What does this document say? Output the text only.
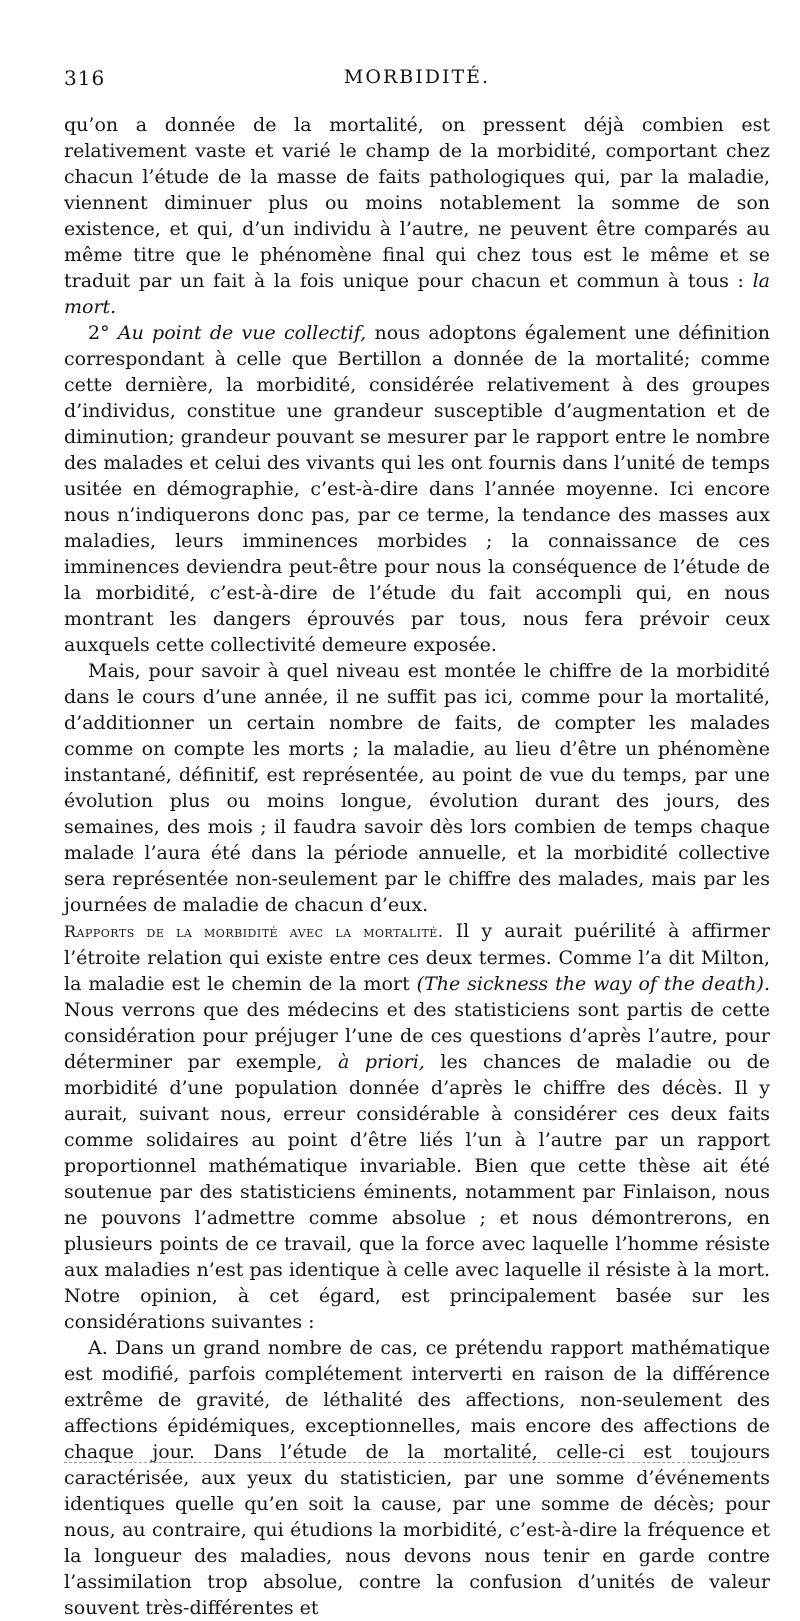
316	MORBIDITÉ.

qu’on a donnée de la mortalité, on pressent déjà combien est relativement vaste et varié le champ de la morbidité, comportant chez chacun l’étude de la masse de faits pathologiques qui, par la maladie, viennent diminuer plus ou moins notablement la somme de son existence, et qui, d’un individu à l’autre, ne peuvent être comparés au même titre que le phénomène final qui chez tous est le même et se traduit par un fait à la fois unique pour chacun et commun à tous : la mort.

2° Au point de vue collectif, nous adoptons également une définition correspondant à celle que Bertillon a donnée de la mortalité; comme cette dernière, la morbidité, considérée relativement à des groupes d’individus, constitue une grandeur susceptible d’augmentation et de diminution; grandeur pouvant se mesurer par le rapport entre le nombre des malades et celui des vivants qui les ont fournis dans l’unité de temps usitée en démographie, c’est-à-dire dans l’année moyenne. Ici encore nous n’indiquerons donc pas, par ce terme, la tendance des masses aux maladies, leurs imminences morbides ; la connaissance de ces imminences deviendra peut-être pour nous la conséquence de l’étude de la morbidité, c’est-à-dire de l’étude du fait accompli qui, en nous montrant les dangers éprouvés par tous, nous fera prévoir ceux auxquels cette collectivité demeure exposée.

Mais, pour savoir à quel niveau est montée le chiffre de la morbidité dans le cours d’une année, il ne suffit pas ici, comme pour la mortalité, d’additionner un certain nombre de faits, de compter les malades comme on compte les morts ; la maladie, au lieu d’être un phénomène instantané, définitif, est représentée, au point de vue du temps, par une évolution plus ou moins longue, évolution durant des jours, des semaines, des mois ; il faudra savoir dès lors combien de temps chaque malade l’aura été dans la période annuelle, et la morbidité collective sera représentée non-seulement par le chiffre des malades, mais par les journées de maladie de chacun d’eux.

Rapports de la morbidité avec la mortalité. Il y aurait puérilité à affirmer l’étroite relation qui existe entre ces deux termes. Comme l’a dit Milton, la maladie est le chemin de la mort (The sickness the way of the death). Nous verrons que des médecins et des statisticiens sont partis de cette considération pour préjuger l’une de ces questions d’après l’autre, pour déterminer par exemple, à priori, les chances de maladie ou de morbidité d’une population donnée d’après le chiffre des décès. Il y aurait, suivant nous, erreur considérable à considérer ces deux faits comme solidaires au point d’être liés l’un à l’autre par un rapport proportionnel mathématique invariable. Bien que cette thèse ait été soutenue par des statisticiens éminents, notamment par Finlaison, nous ne pouvons l’admettre comme absolue ; et nous démontrerons, en plusieurs points de ce travail, que la force avec laquelle l’homme résiste aux maladies n’est pas identique à celle avec laquelle il résiste à la mort. Notre opinion, à cet égard, est principalement basée sur les considérations suivantes :

A. Dans un grand nombre de cas, ce prétendu rapport mathématique est modifié, parfois complétement interverti en raison de la différence extrême de gravité, de léthalité des affections, non-seulement des affections épidémiques, exceptionnelles, mais encore des affections de chaque jour. Dans l’étude de la mortalité, celle-ci est toujours caractérisée, aux yeux du statisticien, par une somme d’événements identiques quelle qu’en soit la cause, par une somme de décès; pour nous, au contraire, qui étudions la morbidité, c’est-à-dire la fréquence et la longueur des maladies, nous devons nous tenir en garde contre l’assimilation trop absolue, contre la confusion d’unités de valeur souvent très-différentes et
